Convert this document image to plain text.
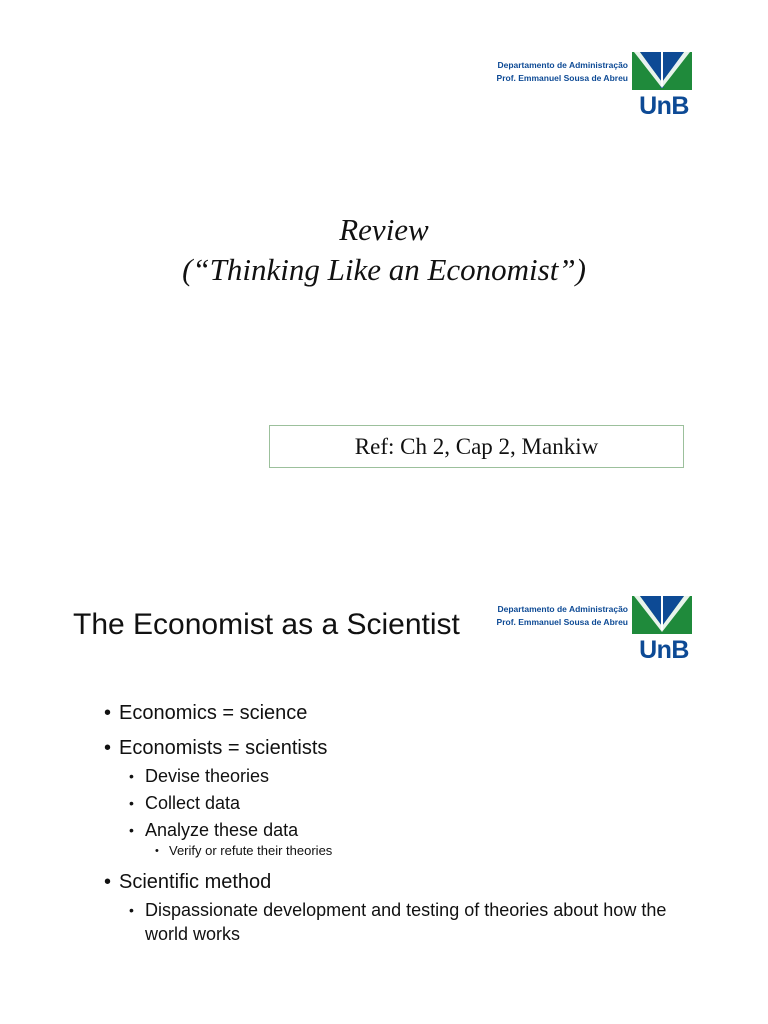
Departamento de Administração
Prof. Emmanuel Sousa de Abreu
UnB
Review
(“Thinking Like an Economist”)
Ref: Ch 2, Cap 2, Mankiw
The Economist as a Scientist	Departamento de Administração
Prof. Emmanuel Sousa de Abreu
UnB
• Economics = science
• Economists = scientists
• Devise theories
• Collect data
• Analyze these data
• Verify or refute their theories
• Scientific method
• Dispassionate development and testing of theories about how the world works
